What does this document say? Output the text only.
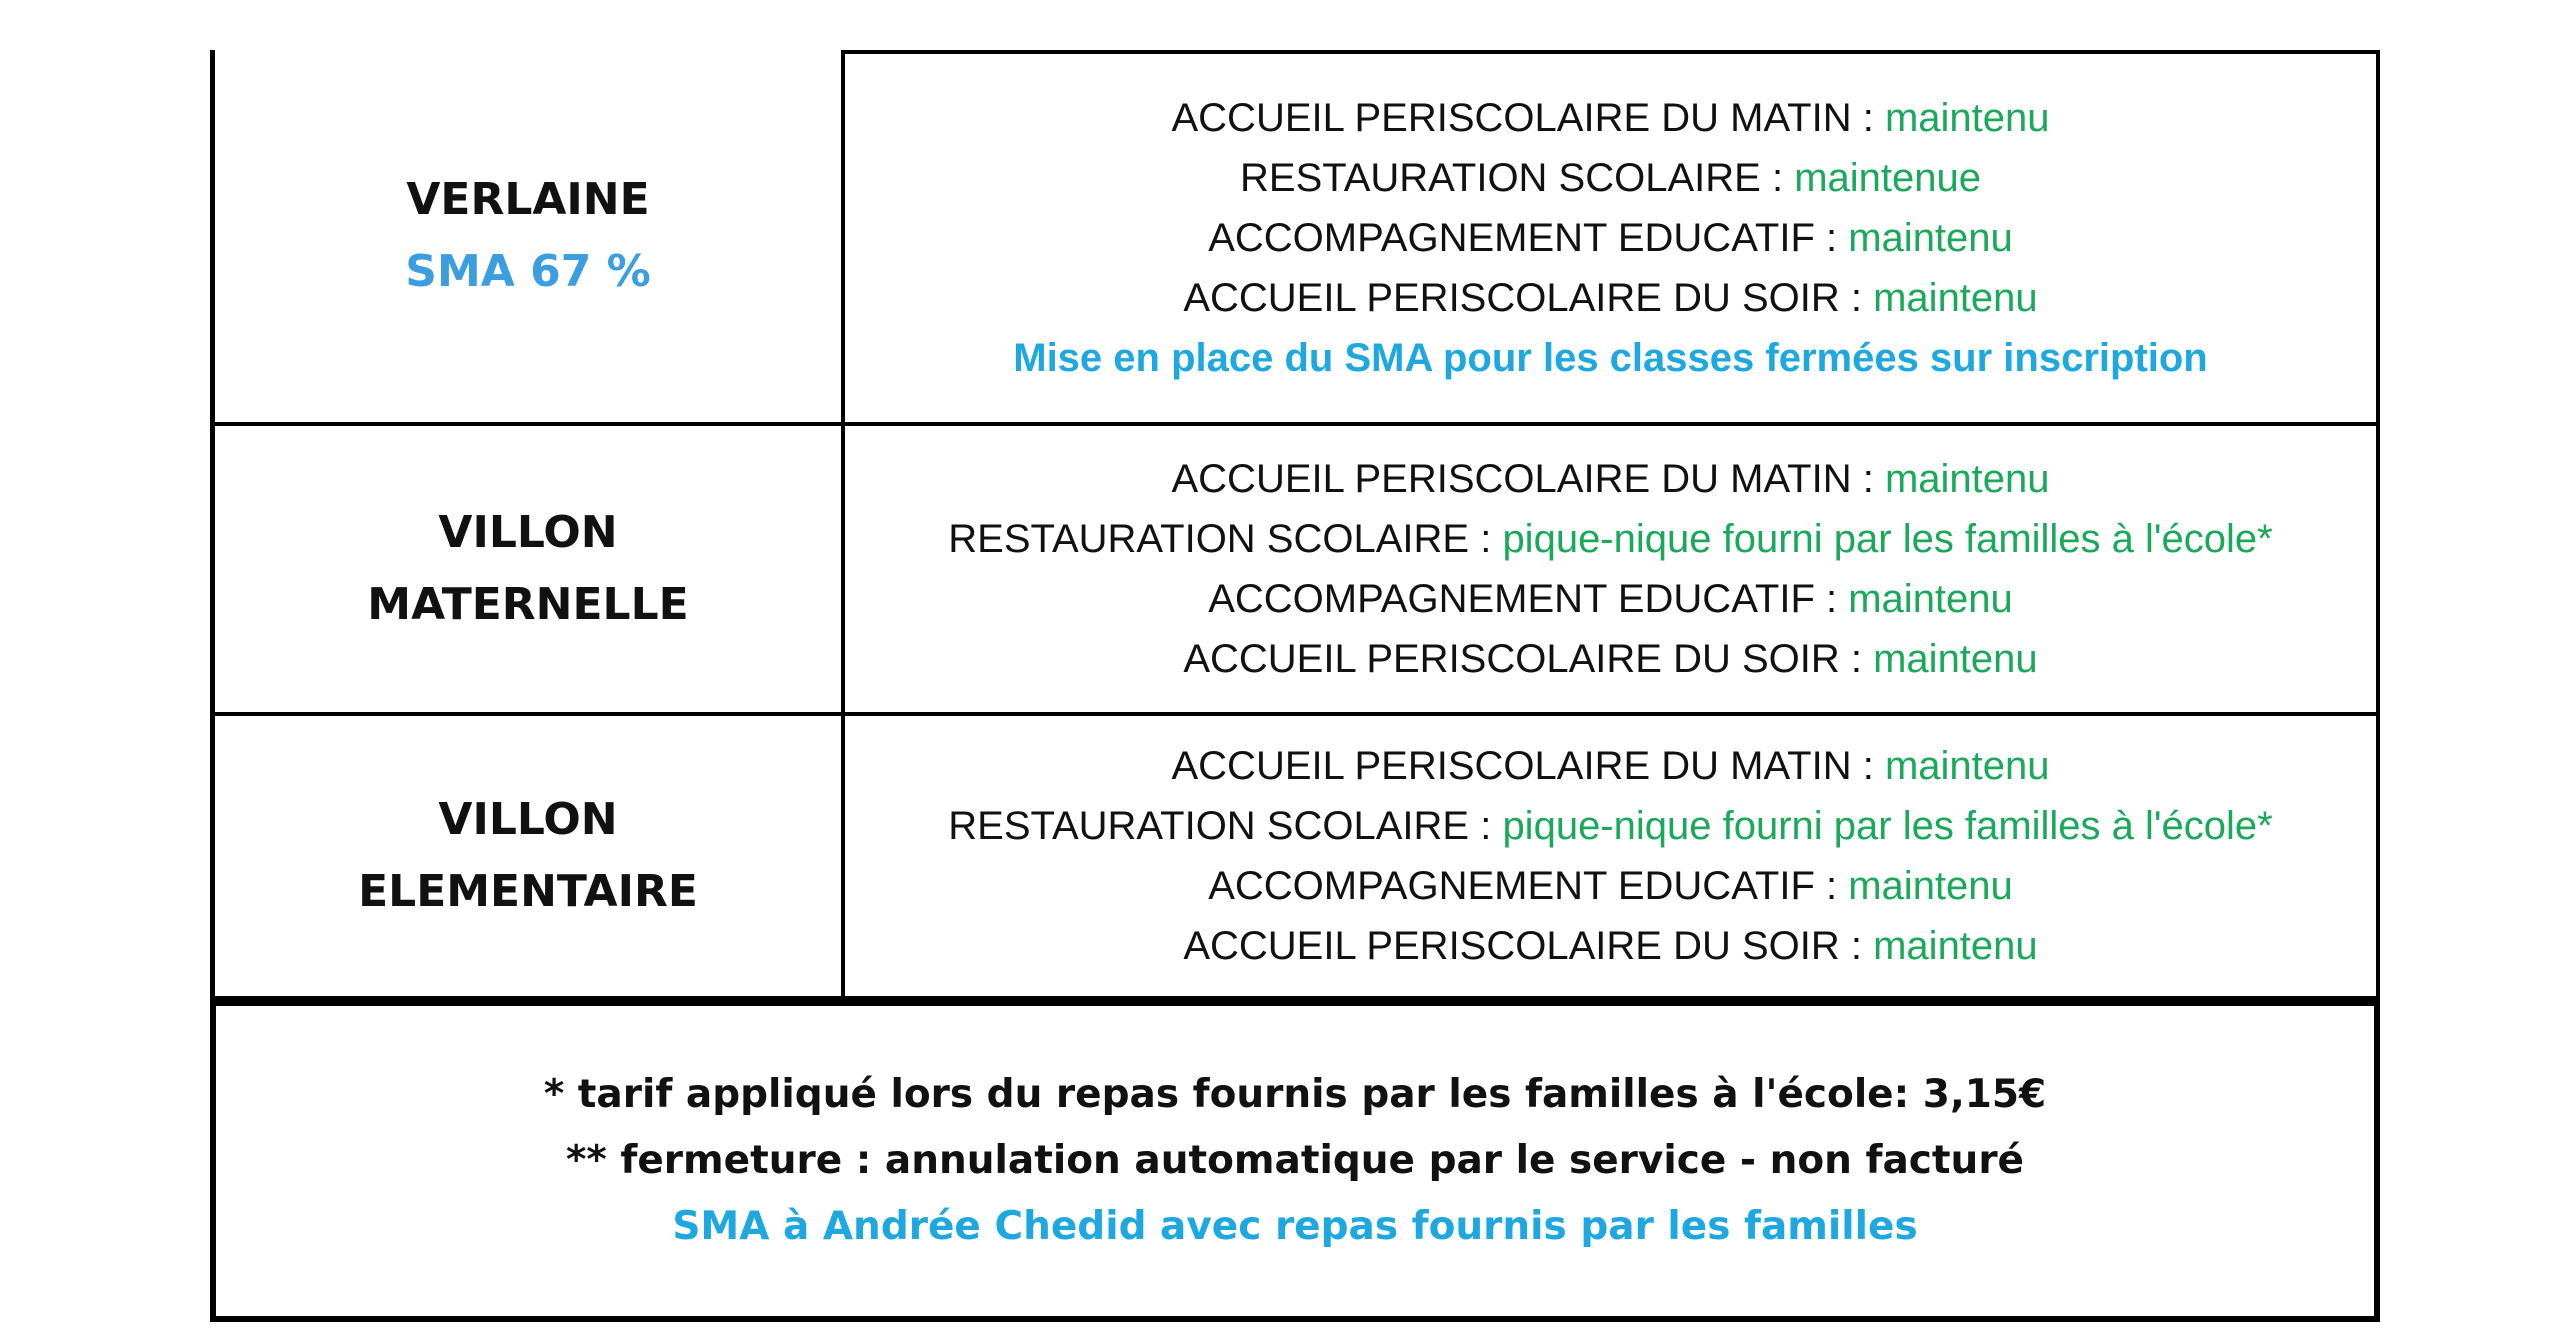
VERLAINE
SMA 67 %
ACCUEIL PERISCOLAIRE DU MATIN : maintenu
RESTAURATION SCOLAIRE : maintenue
ACCOMPAGNEMENT EDUCATIF : maintenu
ACCUEIL PERISCOLAIRE DU SOIR : maintenu
Mise en place du SMA pour les classes fermées sur inscription
VILLON
MATERNELLE
ACCUEIL PERISCOLAIRE DU MATIN : maintenu
RESTAURATION SCOLAIRE : pique-nique fourni par les familles à l'école*
ACCOMPAGNEMENT EDUCATIF : maintenu
ACCUEIL PERISCOLAIRE DU SOIR : maintenu
VILLON
ELEMENTAIRE
ACCUEIL PERISCOLAIRE DU MATIN : maintenu
RESTAURATION SCOLAIRE : pique-nique fourni par les familles à l'école*
ACCOMPAGNEMENT EDUCATIF : maintenu
ACCUEIL PERISCOLAIRE DU SOIR : maintenu
* tarif appliqué lors du repas fournis par les familles à l'école: 3,15€
** fermeture : annulation automatique par le service - non facturé
SMA à Andrée Chedid avec repas fournis par les familles
